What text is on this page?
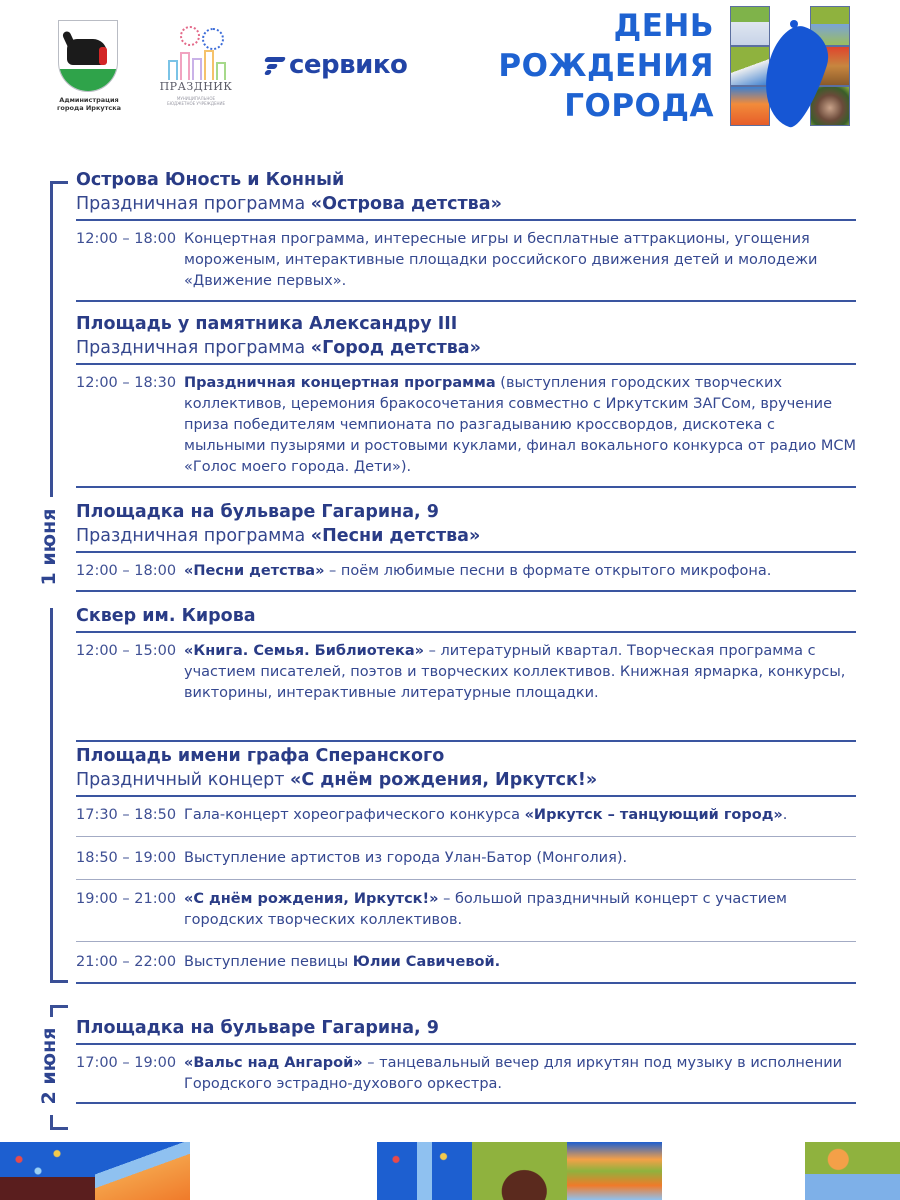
Администрация города Иркутска
ПРАЗДНИК
МУНИЦИПАЛЬНОЕ БЮДЖЕТНОЕ УЧРЕЖДЕНИЕ
сервико
ДЕНЬ
РОЖДЕНИЯ
ГОРОДА
1 июня
2 июня
Острова Юность и Конный
Праздничная программа «Острова детства»
12:00 – 18:00 Концертная программа, интересные игры и бесплатные аттракционы, угощения мороженым, интерактивные площадки российского движения детей и молодежи «Движение первых».
Площадь у памятника Александру III
Праздничная программа «Город детства»
12:00 – 18:30 Праздничная концертная программа (выступления городских творческих коллективов, церемония бракосочетания совместно с Иркутским ЗАГСом, вручение приза победителям чемпионата по разгадыванию кроссвордов, дискотека с мыльными пузырями и ростовыми куклами, финал вокального конкурса от радио МСМ «Голос моего города. Дети»).
Площадка на бульваре Гагарина, 9
Праздничная программа «Песни детства»
12:00 – 18:00 «Песни детства» – поём любимые песни в формате открытого микрофона.
Сквер им. Кирова
12:00 – 15:00 «Книга. Семья. Библиотека» – литературный квартал. Творческая программа с участием писателей, поэтов и творческих коллективов. Книжная ярмарка, конкурсы, викторины, интерактивные литературные площадки.
Площадь имени графа Сперанского
Праздничный концерт «С днём рождения, Иркутск!»
17:30 – 18:50 Гала-концерт хореографического конкурса «Иркутск – танцующий город».
18:50 – 19:00 Выступление артистов из города Улан-Батор (Монголия).
19:00 – 21:00 «С днём рождения, Иркутск!» – большой праздничный концерт с участием городских творческих коллективов.
21:00 – 22:00 Выступление певицы Юлии Савичевой.
Площадка на бульваре Гагарина, 9
17:00 – 19:00 «Вальс над Ангарой» – танцевальный вечер для иркутян под музыку в исполнении Городского эстрадно-духового оркестра.
